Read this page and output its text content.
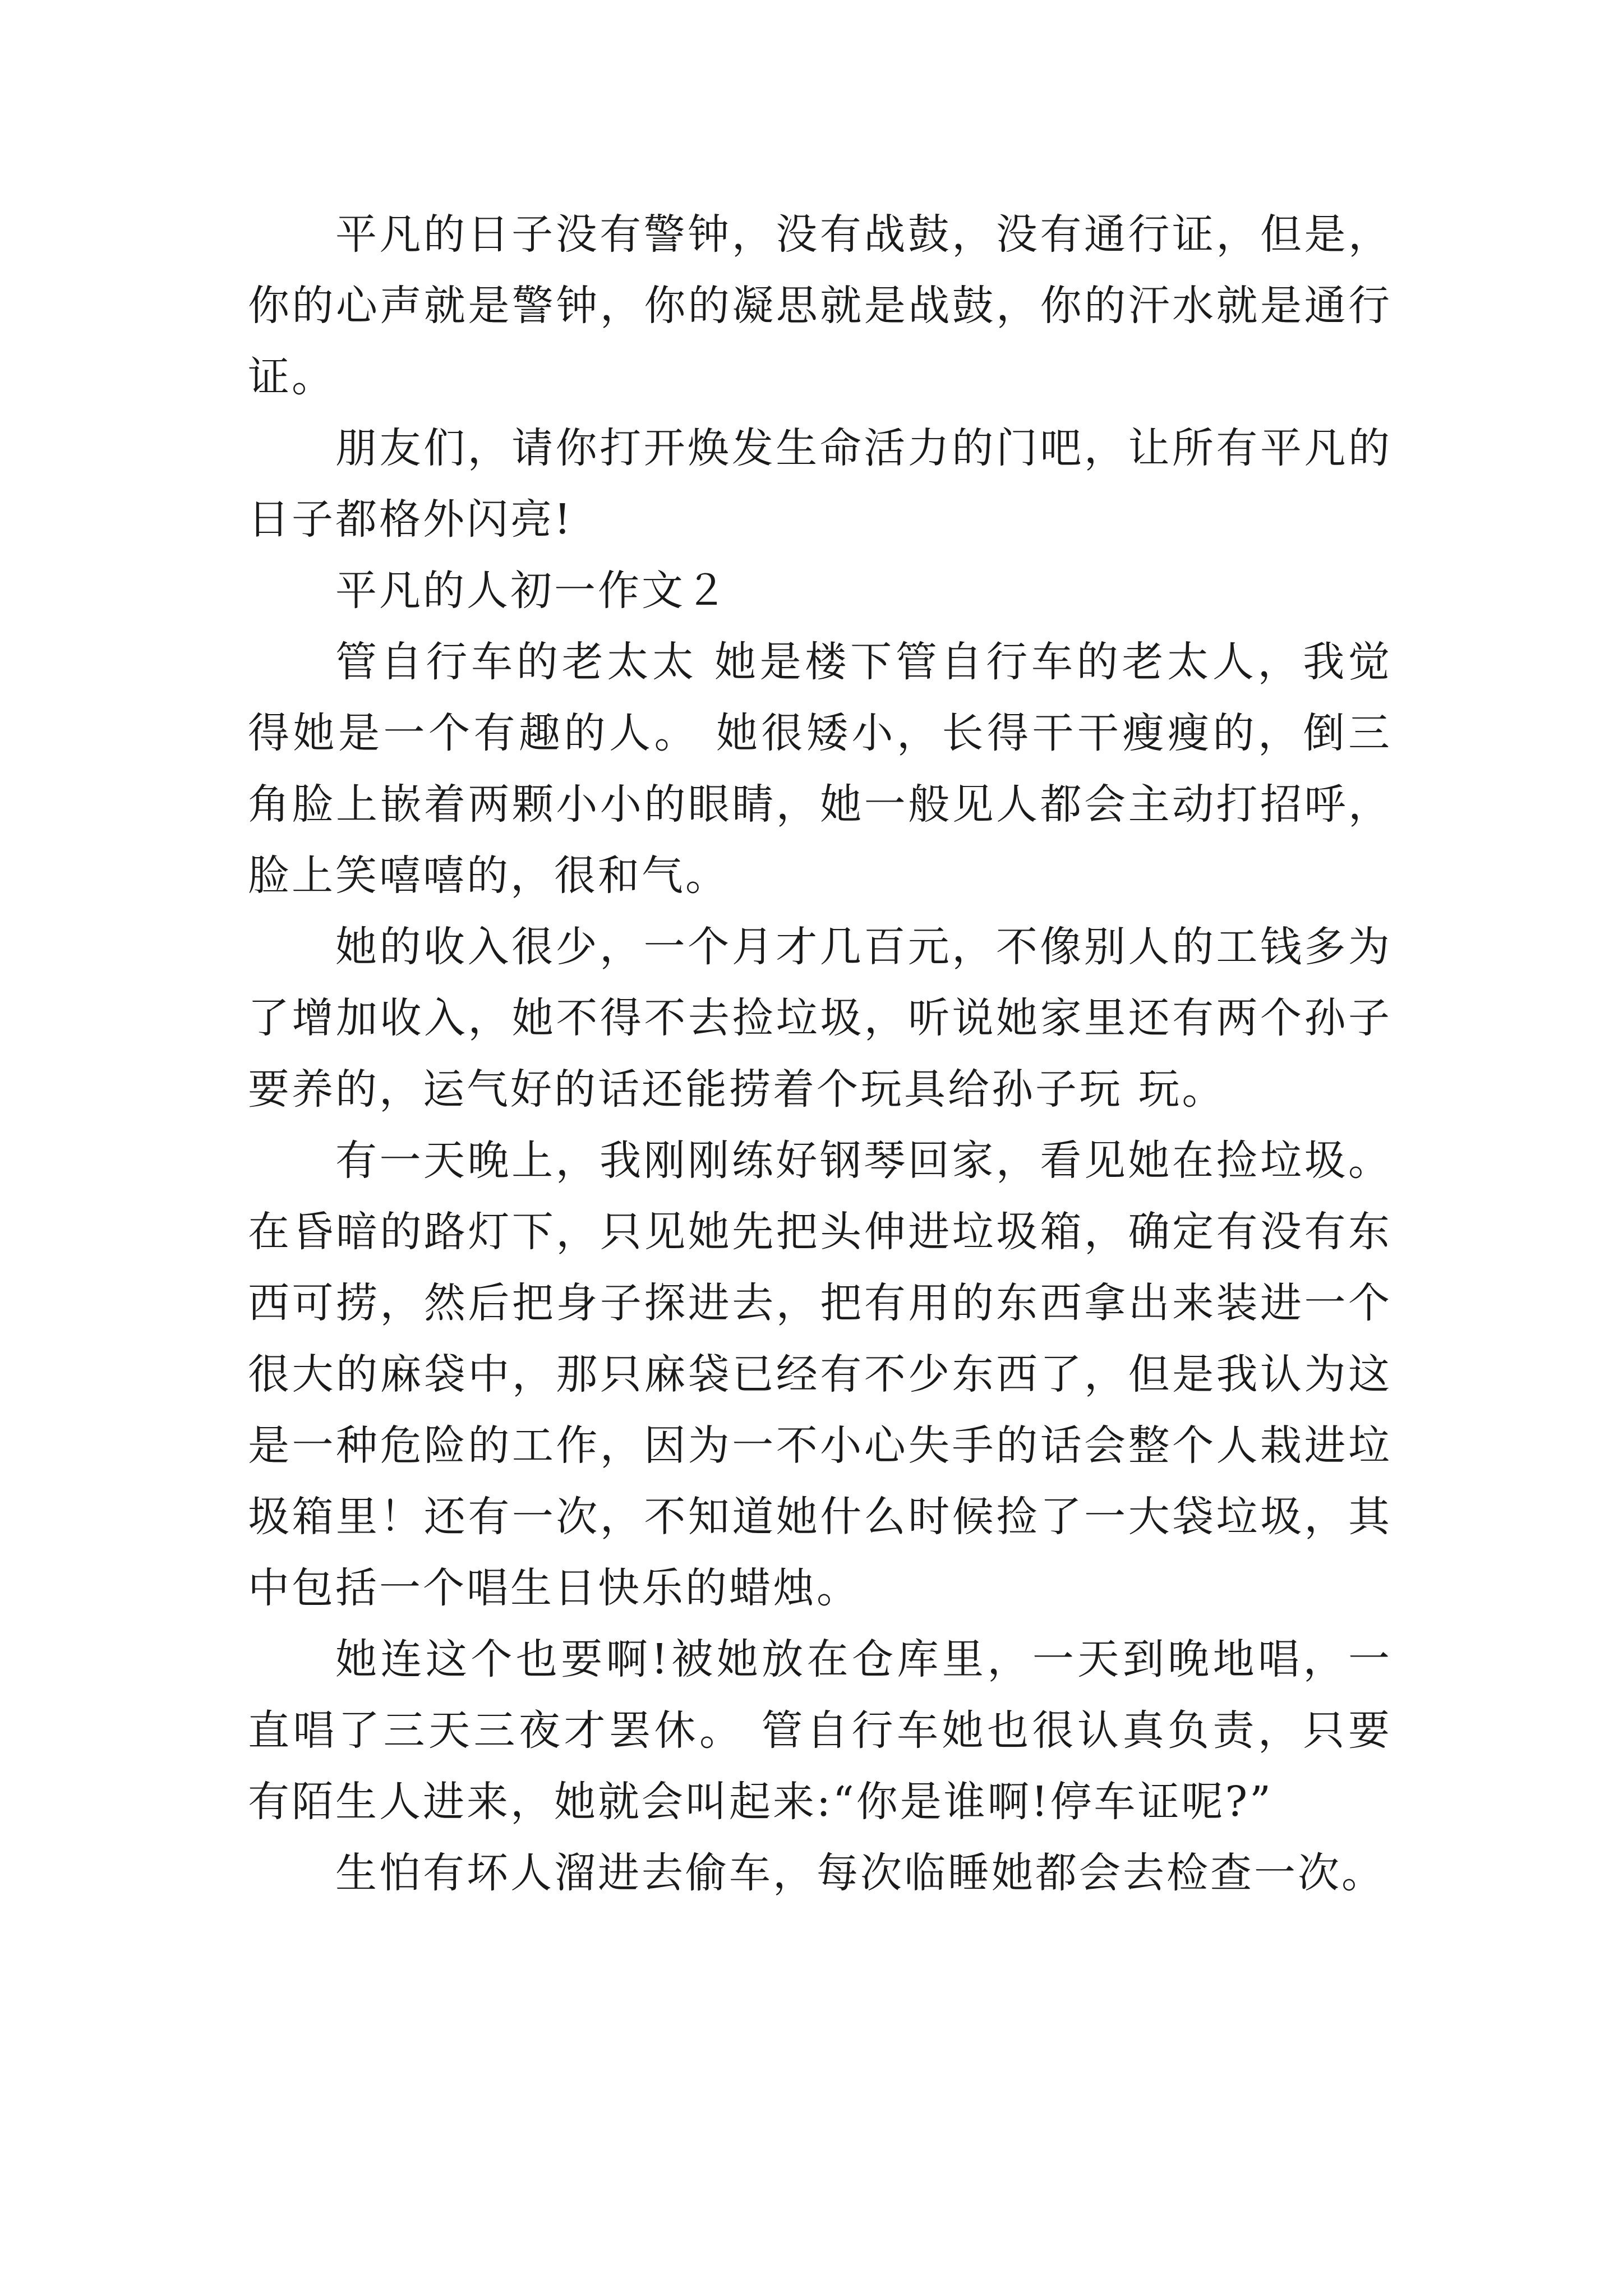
平凡的日子没有警钟，没有战鼓，没有通行证，但是，你的心声就是警钟，你的凝思就是战鼓，你的汗水就是通行证。

朋友们，请你打开焕发生命活力的门吧，让所有平凡的日子都格外闪亮!

平凡的人初一作文２

管自行车的老太太 她是楼下管自行车的老太人，我觉得她是一个有趣的人。 她很矮小，长得干干瘦瘦的，倒三角脸上嵌着两颗小小的眼睛，她一般见人都会主动打招呼，脸上笑嘻嘻的，很和气。

她的收入很少，一个月才几百元，不像别人的工钱多为了增加收入，她不得不去捡垃圾，听说她家里还有两个孙子要养的，运气好的话还能捞着个玩具给孙子玩 玩。

有一天晚上，我刚刚练好钢琴回家，看见她在捡垃圾。在昏暗的路灯下，只见她先把头伸进垃圾箱，确定有没有东西可捞，然后把身子探进去，把有用的东西拿出来装进一个很大的麻袋中，那只麻袋已经有不少东西了，但是我认为这是一种危险的工作，因为一不小心失手的话会整个人栽进垃圾箱里！还有一次，不知道她什么时候捡了一大袋垃圾，其中包括一个唱生日快乐的蜡烛。

她连这个也要啊!被她放在仓库里，一天到晚地唱，一直唱了三天三夜才罢休。 管自行车她也很认真负责，只要有陌生人进来，她就会叫起来:“你是谁啊!停车证呢?”

生怕有坏人溜进去偷车，每次临睡她都会去检查一次。
